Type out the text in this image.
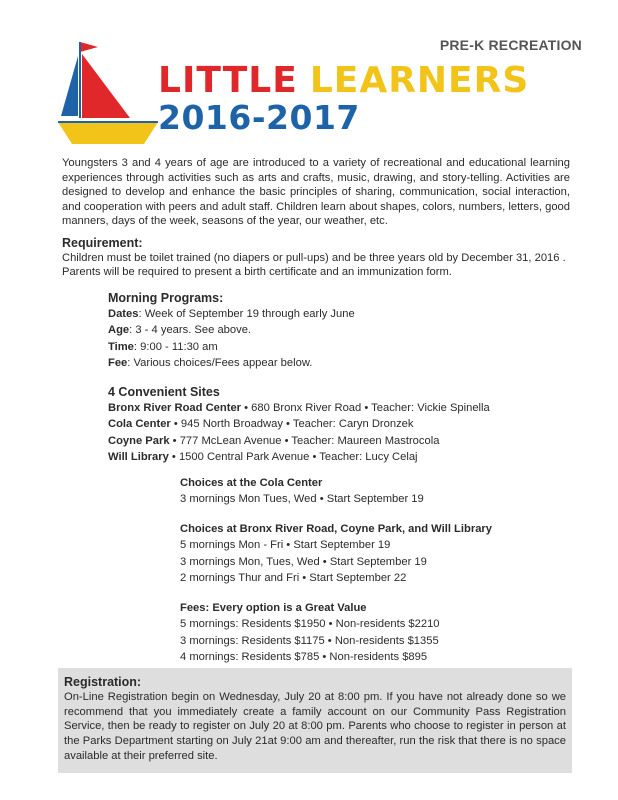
PRE-K RECREATION
LITTLE LEARNERS
2016-2017
Youngsters 3 and 4 years of age are introduced to a variety of recreational and educational learning experiences through activities such as arts and crafts, music, drawing, and story-telling. Activities are designed to develop and enhance the basic principles of sharing, communication, social interaction, and cooperation with peers and adult staff. Children learn about shapes, colors, numbers, letters, good manners, days of the week, seasons of the year, our weather, etc.
Requirement:
Children must be toilet trained (no diapers or pull-ups) and be three years old by December 31, 2016 . Parents will be required to present a birth certificate and an immunization form.
Morning Programs:
Dates: Week of September 19 through early June
Age: 3 - 4 years. See above.
Time: 9:00 - 11:30 am
Fee: Various choices/Fees appear below.
4 Convenient Sites
Bronx River Road Center • 680 Bronx River Road • Teacher: Vickie Spinella
Cola Center • 945 North Broadway • Teacher: Caryn Dronzek
Coyne Park • 777 McLean Avenue • Teacher: Maureen Mastrocola
Will Library • 1500 Central Park Avenue • Teacher: Lucy Celaj
Choices at the Cola Center
3 mornings Mon Tues, Wed • Start September 19
Choices at Bronx River Road, Coyne Park, and Will Library
5 mornings Mon - Fri • Start September 19
3 mornings Mon, Tues, Wed • Start September 19
2 mornings Thur and Fri • Start September 22
Fees: Every option is a Great Value
5 mornings: Residents $1950 • Non-residents $2210
3 mornings: Residents $1175 • Non-residents $1355
4 mornings: Residents $785 • Non-residents $895
Registration:
On-Line Registration begin on Wednesday, July 20 at 8:00 pm. If you have not already done so we recommend that you immediately create a family account on our Community Pass Registration Service, then be ready to register on July 20 at 8:00 pm. Parents who choose to register in person at the Parks Department starting on July 21at 9:00 am and thereafter, run the risk that there is no space available at their preferred site.
